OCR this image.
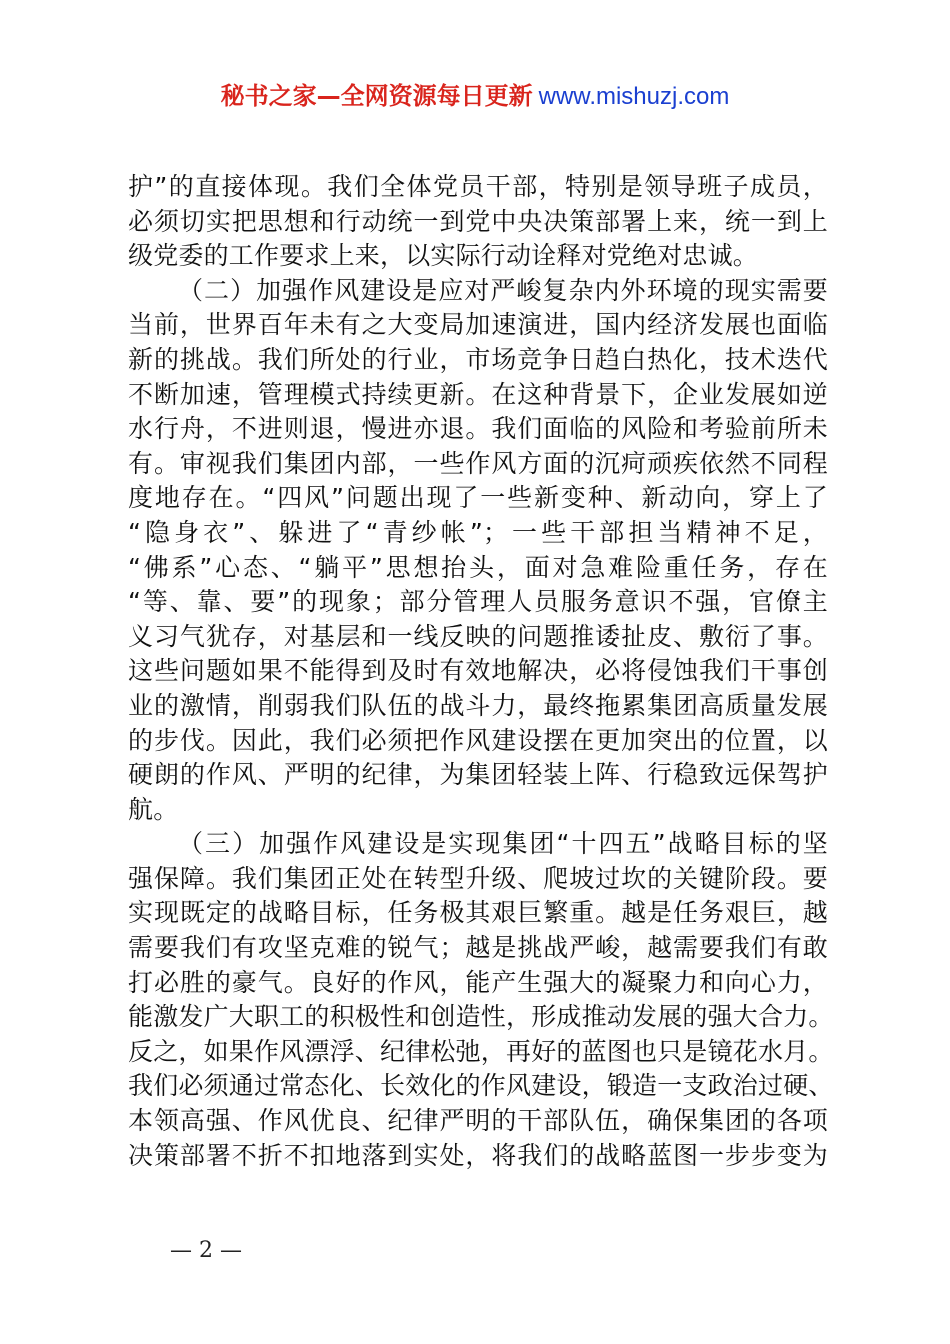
秘书之家—全网资源每日更新 www.mishuzj.com
护”的直接体现。我们全体党员干部，特别是领导班子成员，
必须切实把思想和行动统一到党中央决策部署上来，统一到上
级党委的工作要求上来，以实际行动诠释对党绝对忠诚。
（二）加强作风建设是应对严峻复杂内外环境的现实需要
当前，世界百年未有之大变局加速演进，国内经济发展也面临
新的挑战。我们所处的行业，市场竞争日趋白热化，技术迭代
不断加速，管理模式持续更新。在这种背景下，企业发展如逆
水行舟，不进则退，慢进亦退。我们面临的风险和考验前所未
有。审视我们集团内部，一些作风方面的沉疴顽疾依然不同程
度地存在。“四风”问题出现了一些新变种、新动向，穿上了
“隐身衣”、躲进了“青纱帐”；一些干部担当精神不足，
“佛系”心态、“躺平”思想抬头，面对急难险重任务，存在
“等、靠、要”的现象；部分管理人员服务意识不强，官僚主
义习气犹存，对基层和一线反映的问题推诿扯皮、敷衍了事。
这些问题如果不能得到及时有效地解决，必将侵蚀我们干事创
业的激情，削弱我们队伍的战斗力，最终拖累集团高质量发展
的步伐。因此，我们必须把作风建设摆在更加突出的位置，以
硬朗的作风、严明的纪律，为集团轻装上阵、行稳致远保驾护
航。
（三）加强作风建设是实现集团“十四五”战略目标的坚
强保障。我们集团正处在转型升级、爬坡过坎的关键阶段。要
实现既定的战略目标，任务极其艰巨繁重。越是任务艰巨，越
需要我们有攻坚克难的锐气；越是挑战严峻，越需要我们有敢
打必胜的豪气。良好的作风，能产生强大的凝聚力和向心力，
能激发广大职工的积极性和创造性，形成推动发展的强大合力。
反之，如果作风漂浮、纪律松弛，再好的蓝图也只是镜花水月。
我们必须通过常态化、长效化的作风建设，锻造一支政治过硬、
本领高强、作风优良、纪律严明的干部队伍，确保集团的各项
决策部署不折不扣地落到实处，将我们的战略蓝图一步步变为
— 2 —
